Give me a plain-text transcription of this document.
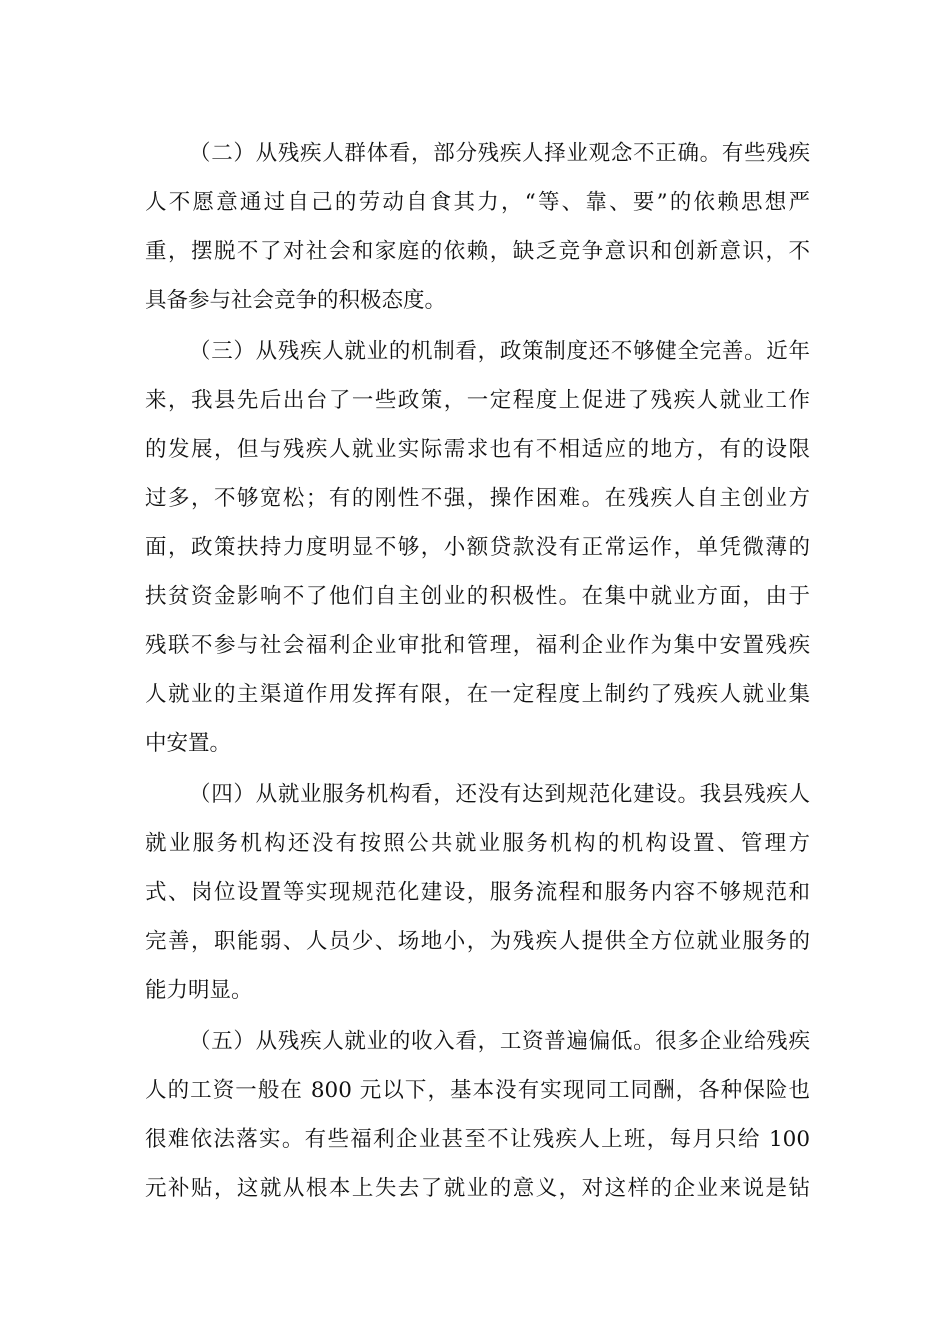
（二）从残疾人群体看，部分残疾人择业观念不正确。有些残疾
人不愿意通过自己的劳动自食其力，“等、靠、要”的依赖思想严
重，摆脱不了对社会和家庭的依赖，缺乏竞争意识和创新意识，不
具备参与社会竞争的积极态度。
（三）从残疾人就业的机制看，政策制度还不够健全完善。近年
来，我县先后出台了一些政策，一定程度上促进了残疾人就业工作
的发展，但与残疾人就业实际需求也有不相适应的地方，有的设限
过多，不够宽松；有的刚性不强，操作困难。在残疾人自主创业方
面，政策扶持力度明显不够，小额贷款没有正常运作，单凭微薄的
扶贫资金影响不了他们自主创业的积极性。在集中就业方面，由于
残联不参与社会福利企业审批和管理，福利企业作为集中安置残疾
人就业的主渠道作用发挥有限，在一定程度上制约了残疾人就业集
中安置。
（四）从就业服务机构看，还没有达到规范化建设。我县残疾人
就业服务机构还没有按照公共就业服务机构的机构设置、管理方
式、岗位设置等实现规范化建设，服务流程和服务内容不够规范和
完善，职能弱、人员少、场地小，为残疾人提供全方位就业服务的
能力明显。
（五）从残疾人就业的收入看，工资普遍偏低。很多企业给残疾
人的工资一般在 800 元以下，基本没有实现同工同酬，各种保险也
很难依法落实。有些福利企业甚至不让残疾人上班，每月只给 100
元补贴，这就从根本上失去了就业的意义，对这样的企业来说是钻
